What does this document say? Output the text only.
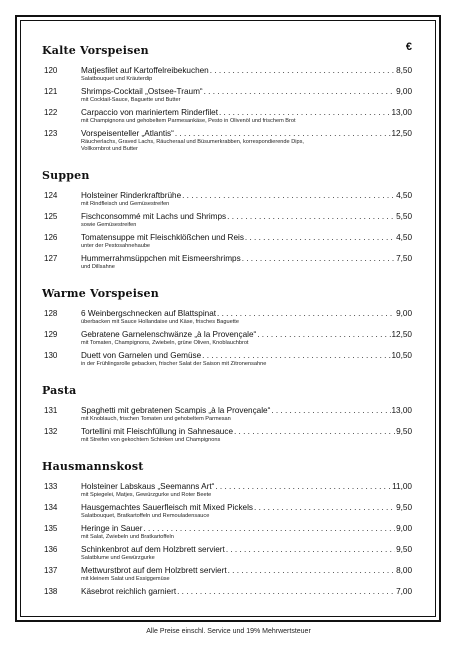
Kalte Vorspeisen	€
120	Matjesfilet auf Kartoffelreibekuchen . . .	8,50
Salatbouquet und Kräuterdip
121	Shrimps-Cocktail „Ostsee-Traum“ . . .	9,00
mit Cocktail-Sauce, Baguette und Butter
122	Carpaccio von mariniertem Rinderfilet . . .	13,00
mit Champignons und gehobeltem Parmesankäse, Pesto in Olivenöl und frischem Brot
123	Vorspeisenteller „Atlantis“ . . .	12,50
Räucherlachs, Graved Lachs, Räucheraal und Büsumerkrabben, korrespondierende Dips,
Vollkornbrot und Butter
Suppen
124	Holsteiner Rinderkraftbrühe . . .	4,50
mit Rindfleisch und Gemüsestreifen
125	Fischconsommé mit Lachs und Shrimps . . .	5,50
sowie Gemüsestreifen
126	Tomatensuppe mit Fleischklößchen und Reis . . .	4,50
unter der Pestosahnehaube
127	Hummerrahmsüppchen mit Eismeershrimps . . .	7,50
und Dillsahne
Warme Vorspeisen
128	6 Weinbergschnecken auf Blattspinat . . .	9,00
überbacken mit Sauce Hollandaise und Käse, frisches Baguette
129	Gebratene Garnelenschwänze „à la Provençale“ . . .	12,50
mit Tomaten, Champignons, Zwiebeln, grüne Oliven, Knoblauchbrot
130	Duett von Garnelen und Gemüse . . .	10,50
in der Frühlingsrolle gebacken, frischer Salat der Saison mit Zitronensahne
Pasta
131	Spaghetti mit gebratenen Scampis „à la Provençale“ . . .	13,00
mit Knoblauch, frischen Tomaten und gehobeltem Parmesan
132	Tortellini mit Fleischfüllung in Sahnesauce . . .	9,50
mit Streifen von gekochtem Schinken und Champignons
Hausmannskost
133	Holsteiner Labskaus „Seemanns Art“ . . .	11,00
mit Spiegelei, Matjes, Gewürzgurke und Roter Beete
134	Hausgemachtes Sauerfleisch mit Mixed Pickels . . .	9,50
Salatbouquet, Bratkartoffeln und Remouladensauce
135	Heringe in Sauer . . .	9,00
mit Salat, Zwiebeln und Bratkartoffeln
136	Schinkenbrot auf dem Holzbrett serviert . . .	9,50
Salatblume und Gewürzgurke
137	Mettwurstbrot auf dem Holzbrett serviert . . .	8,00
mit kleinem Salat und Essiggemüse
138	Käsebrot reichlich garniert . . .	7,00
Alle Preise einschl. Service und 19% Mehrwertsteuer
